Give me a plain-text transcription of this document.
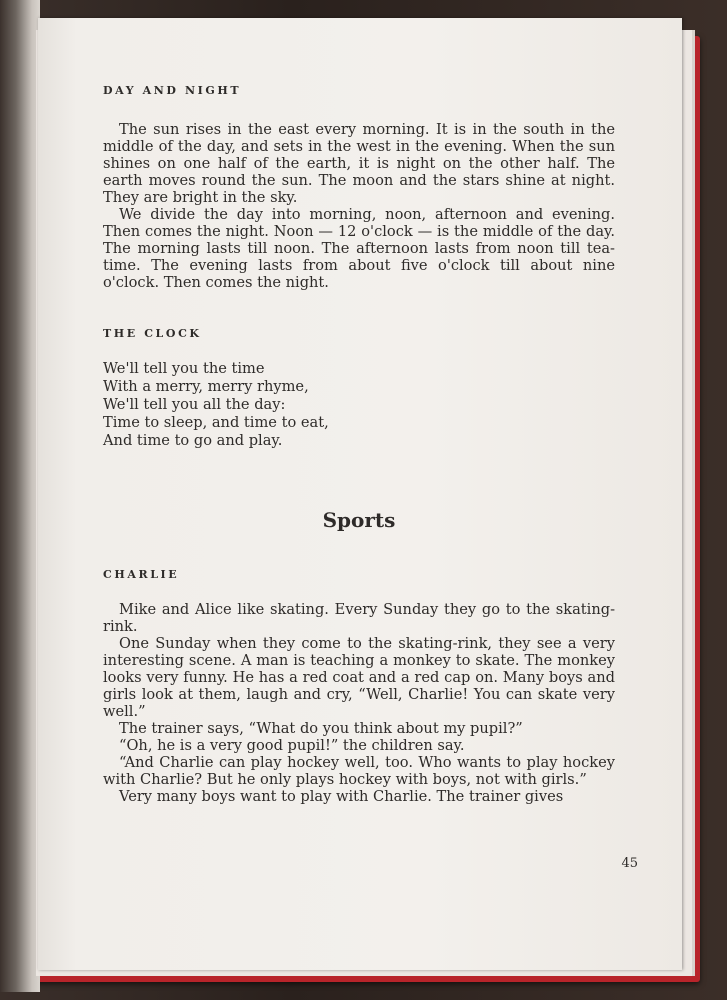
DAY AND NIGHT

The sun rises in the east every morning. It is in the south in the middle of the day, and sets in the west in the evening. When the sun shines on one half of the earth, it is night on the other half. The earth moves round the sun. The moon and the stars shine at night. They are bright in the sky.

We divide the day into morning, noon, afternoon and evening. Then comes the night. Noon — 12 o'clock — is the middle of the day. The morning lasts till noon. The afternoon lasts from noon till tea-time. The evening lasts from about five o'clock till about nine o'clock. Then comes the night.

THE CLOCK
We'll tell you the time
With a merry, merry rhyme,
We'll tell you all the day:
Time to sleep, and time to eat,
And time to go and play.
Sports
CHARLIE

Mike and Alice like skating. Every Sunday they go to the skating-rink.

One Sunday when they come to the skating-rink, they see a very interesting scene. A man is teaching a monkey to skate. The monkey looks very funny. He has a red coat and a red cap on. Many boys and girls look at them, laugh and cry, “Well, Charlie! You can skate very well.”

The trainer says, “What do you think about my pupil?”

“Oh, he is a very good pupil!” the children say.

“And Charlie can play hockey well, too. Who wants to play hockey with Charlie? But he only plays hockey with boys, not with girls.”

Very many boys want to play with Charlie. The trainer gives

45
